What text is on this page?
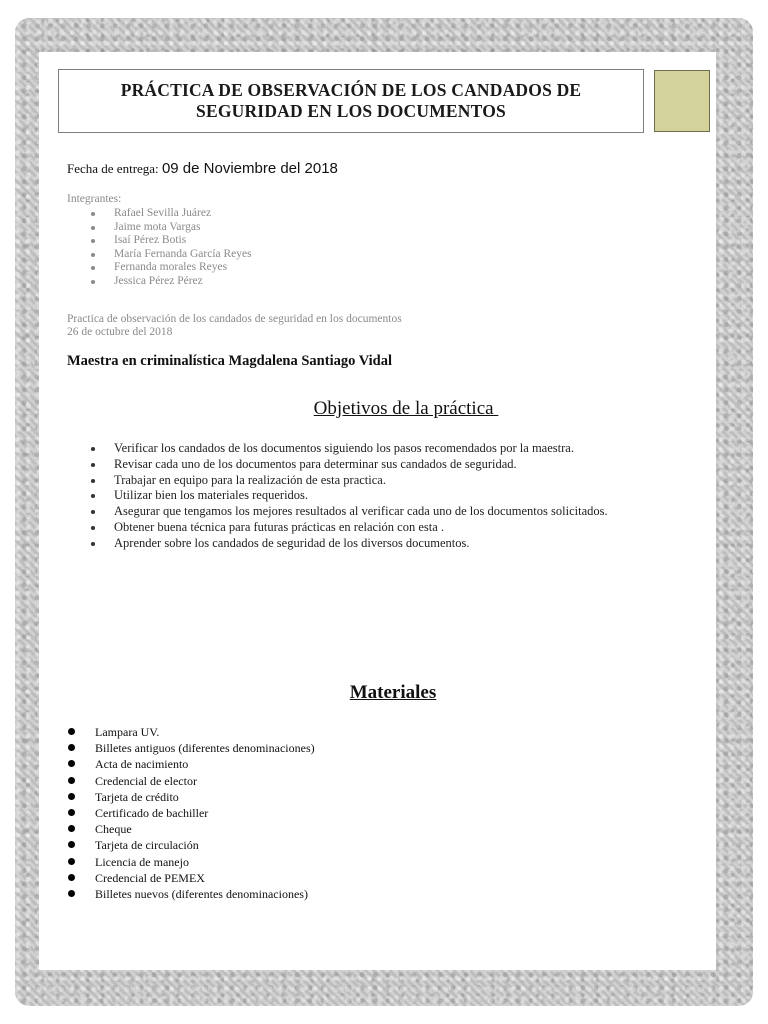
PRÁCTICA DE OBSERVACIÓN DE LOS CANDADOS DE
SEGURIDAD EN LOS DOCUMENTOS
Fecha de entrega: 09 de Noviembre del 2018
Integrantes:
Rafael Sevilla Juárez
Jaime mota Vargas
Isaí Pérez Botis
María Fernanda García Reyes
Fernanda morales Reyes
Jessica Pérez Pérez
Practica de observación de los candados de seguridad en los documentos
26 de octubre del 2018
Maestra en criminalística Magdalena Santiago Vidal
Objetivos de la práctica
Verificar los candados de los documentos siguiendo los pasos recomendados por la maestra.
Revisar cada uno de los documentos para determinar sus candados de seguridad.
Trabajar en equipo para la realización de esta practica.
Utilizar bien los materiales requeridos.
Asegurar que tengamos los mejores resultados al verificar cada uno de los documentos solicitados.
Obtener buena técnica para futuras prácticas en relación con esta .
Aprender sobre los candados de seguridad de los diversos documentos.
Materiales
Lampara UV.
Billetes antiguos (diferentes denominaciones)
Acta de nacimiento
Credencial de elector
Tarjeta de crédito
Certificado de bachiller
Cheque
Tarjeta de circulación
Licencia de manejo
Credencial de PEMEX
Billetes nuevos (diferentes denominaciones)
